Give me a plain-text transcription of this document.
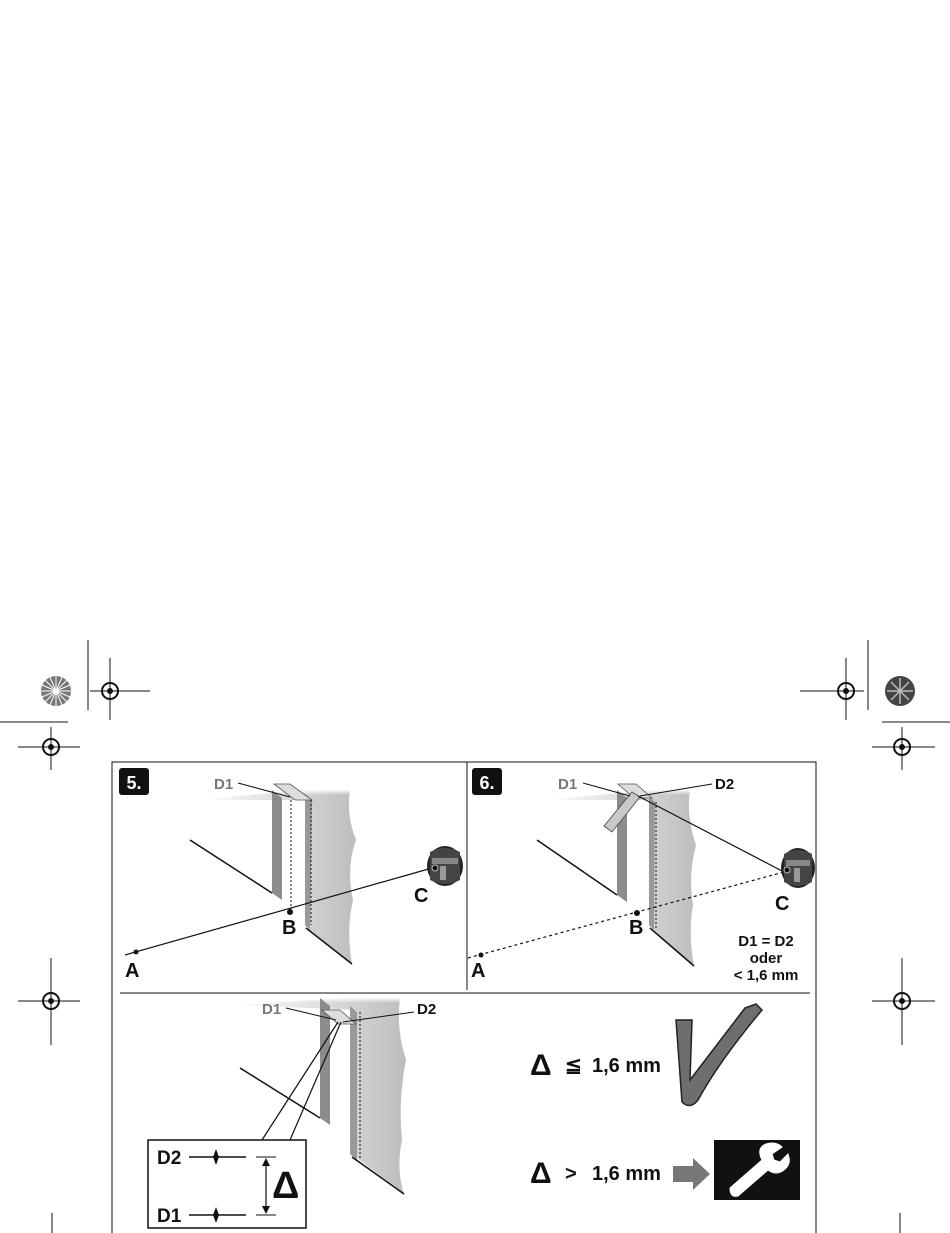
5.	D1
A
B
C
6.	D1	D2
A
B
C
D1 = D2
oder
< 1,6 mm
D1	D2
D2
D1
Δ
Δ ≦ 1,6 mm
Δ > 1,6 mm
